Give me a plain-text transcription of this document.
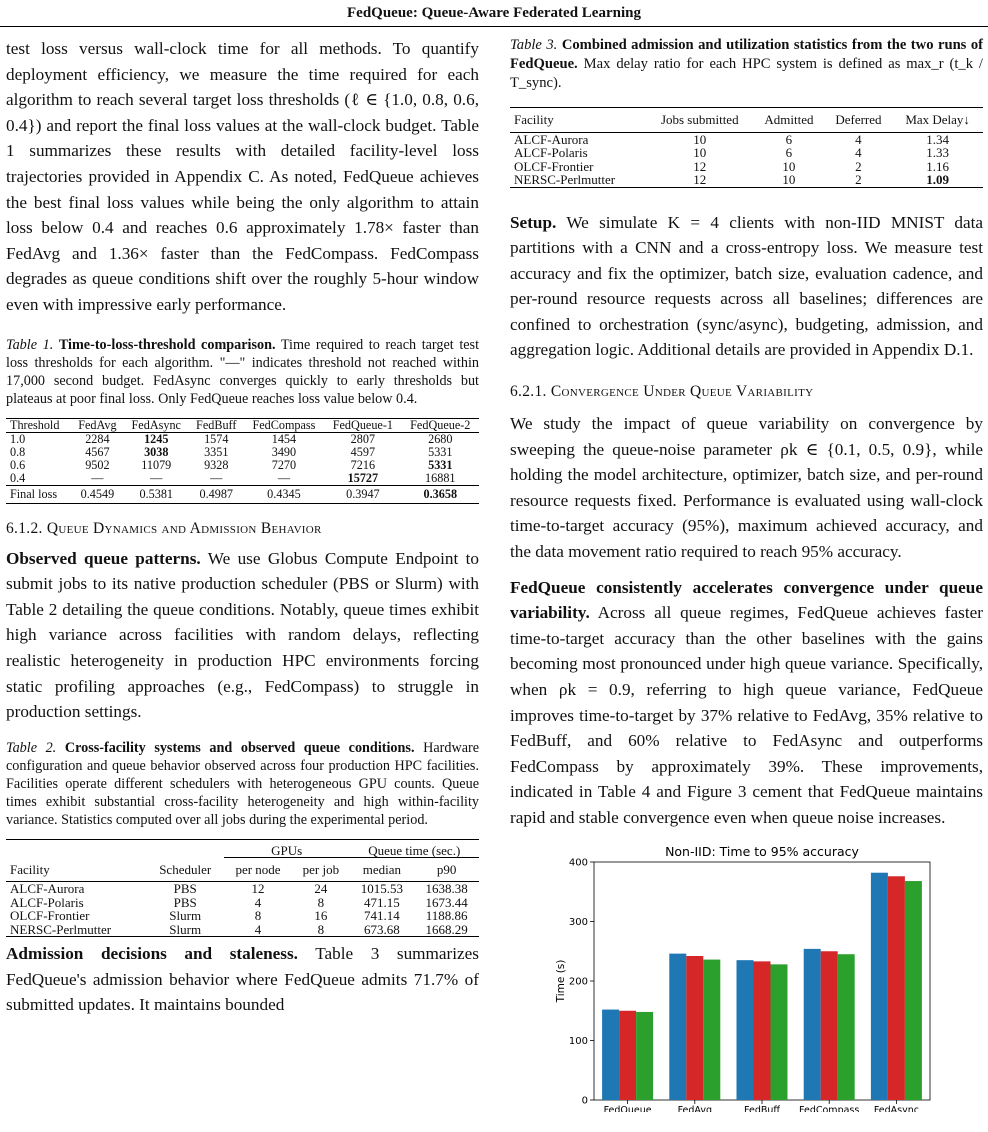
FedQueue: Queue-Aware Federated Learning

test loss versus wall-clock time for all methods. To quantify deployment efficiency, we measure the time required for each algorithm to reach several target loss thresholds (ℓ ∈ {1.0, 0.8, 0.6, 0.4}) and report the final loss values at the wall-clock budget. Table 1 summarizes these results with detailed facility-level loss trajectories provided in Appendix C. As noted, FedQueue achieves the best final loss values while being the only algorithm to attain loss below 0.4 and reaches 0.6 approximately 1.78× faster than FedAvg and 1.36× faster than the FedCompass. FedCompass degrades as queue conditions shift over the roughly 5-hour window even with impressive early performance.

Table 1. Time-to-loss-threshold comparison. Time required to reach target test loss thresholds for each algorithm. "—" indicates threshold not reached within 17,000 second budget. FedAsync converges quickly to early thresholds but plateaus at poor final loss. Only FedQueue reaches loss value below 0.4.

Threshold	FedAvg	FedAsync	FedBuff	FedCompass	FedQueue-1	FedQueue-2
1.0	2284	1245	1574	1454	2807	2680
0.8	4567	3038	3351	3490	4597	5331
0.6	9502	11079	9328	7270	7216	5331
0.4	—	—	—	—	15727	16881
Final loss	0.4549	0.5381	0.4987	0.4345	0.3947	0.3658

6.1.2. Queue Dynamics and Admission Behavior

Observed queue patterns. We use Globus Compute Endpoint to submit jobs to its native production scheduler (PBS or Slurm) with Table 2 detailing the queue conditions. Notably, queue times exhibit high variance across facilities with random delays, reflecting realistic heterogeneity in production HPC environments forcing static profiling approaches (e.g., FedCompass) to struggle in production settings.

Table 2. Cross-facility systems and observed queue conditions. Hardware configuration and queue behavior observed across four production HPC facilities. Facilities operate different schedulers with heterogeneous GPU counts. Queue times exhibit substantial cross-facility heterogeneity and high within-facility variance. Statistics computed over all jobs during the experimental period.

		GPUs		Queue time (sec.)	
Facility	Scheduler	per node	per job	median	p90
ALCF-Aurora	PBS	12	24	1015.53	1638.38
ALCF-Polaris	PBS	4	8	471.15	1673.44
OLCF-Frontier	Slurm	8	16	741.14	1188.86
NERSC-Perlmutter	Slurm	4	8	673.68	1668.29

Admission decisions and staleness. Table 3 summarizes FedQueue's admission behavior where FedQueue admits 71.7% of submitted updates. It maintains bounded

Table 3. Combined admission and utilization statistics from the two runs of FedQueue. Max delay ratio for each HPC system is defined as max_r (t_k / T_sync).

Facility	Jobs submitted	Admitted	Deferred	Max Delay↓
ALCF-Aurora	10	6	4	1.34
ALCF-Polaris	10	6	4	1.33
OLCF-Frontier	12	10	2	1.16
NERSC-Perlmutter	12	10	2	1.09

Setup. We simulate K = 4 clients with non-IID MNIST data partitions with a CNN and a cross-entropy loss. We measure test accuracy and fix the optimizer, batch size, evaluation cadence, and per-round resource requests across all baselines; differences are confined to orchestration (sync/async), budgeting, admission, and aggregation logic. Additional details are provided in Appendix D.1.

6.2.1. Convergence Under Queue Variability

We study the impact of queue variability on convergence by sweeping the queue-noise parameter ρk ∈ {0.1, 0.5, 0.9}, while holding the model architecture, optimizer, batch size, and per-round resource requests fixed. Performance is evaluated using wall-clock time-to-target accuracy (95%), maximum achieved accuracy, and the data movement ratio required to reach 95% accuracy.

FedQueue consistently accelerates convergence under queue variability. Across all queue regimes, FedQueue achieves faster time-to-target accuracy than the other baselines with the gains becoming most pronounced under high queue variance. Specifically, when ρk = 0.9, referring to high queue variance, FedQueue improves time-to-target by 37% relative to FedAvg, 35% relative to FedBuff, and 60% relative to FedAsync and outperforms FedCompass by approximately 39%. These improvements, indicated in Table 4 and Figure 3 cement that FedQueue maintains rapid and stable convergence even when queue noise increases.

Non-IID: Time to 95% accuracy
0
100
200
300
400
Time (s)
FedQueue	FedAvg	FedBuff FedCompass FedAsync
